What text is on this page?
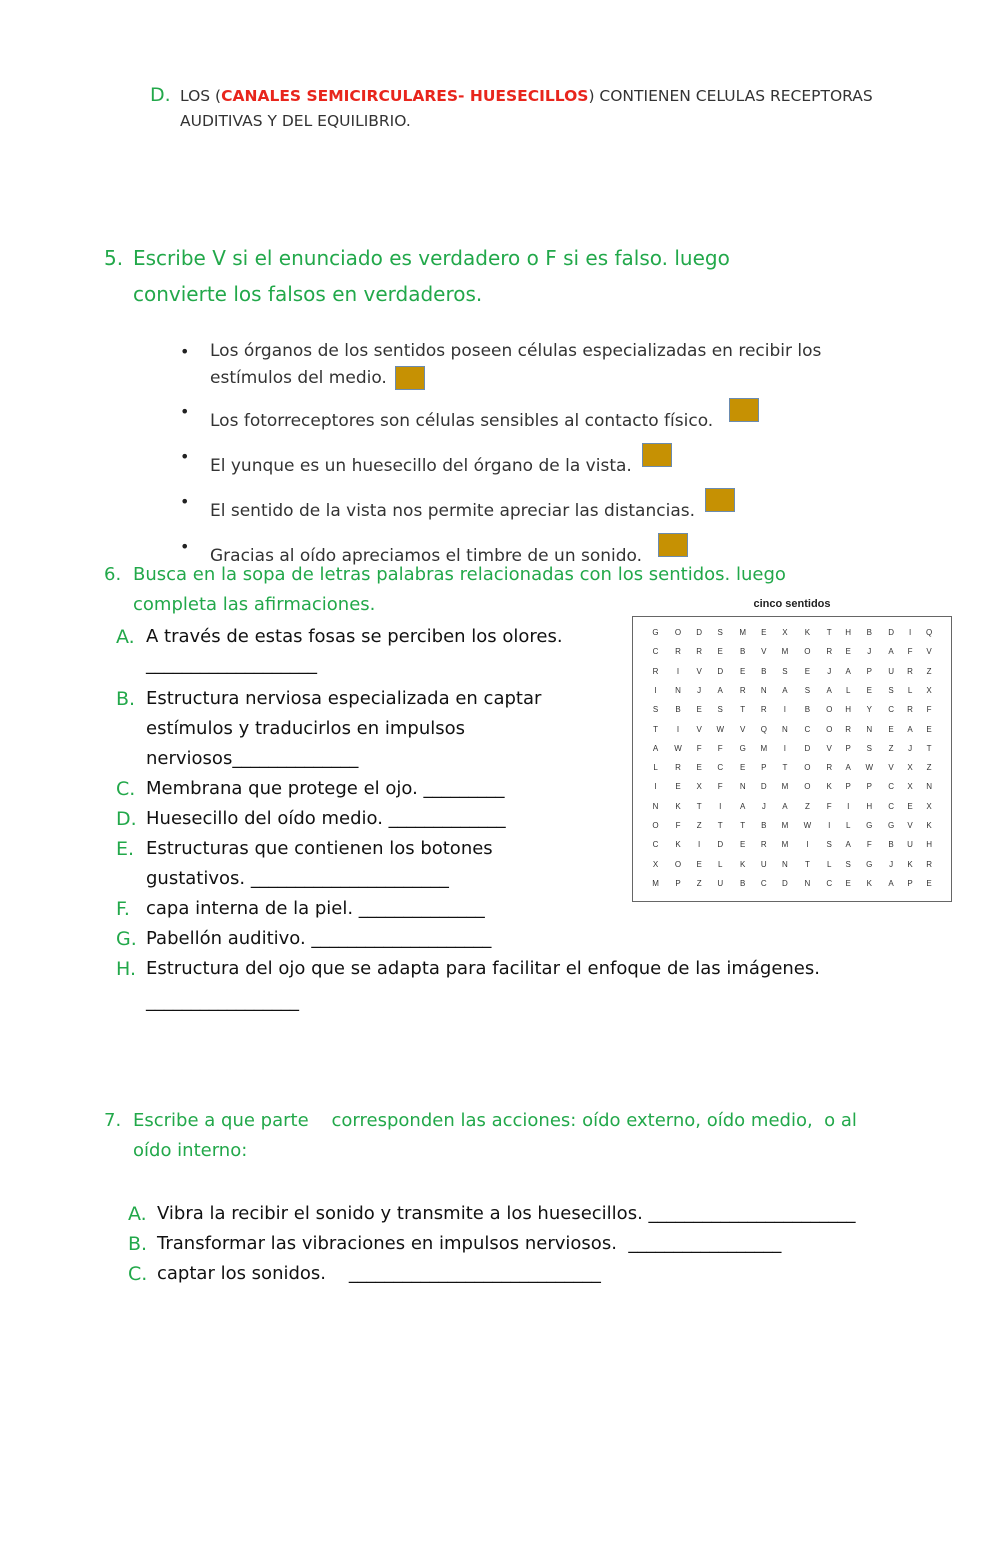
D. LOS (CANALES SEMICIRCULARES- HUESECILLOS) CONTIENEN CELULAS RECEPTORAS
AUDITIVAS Y DEL EQUILIBRIO.
5. Escribe V si el enunciado es verdadero o F si es falso. luego
convierte los falsos en verdaderos.
• Los órganos de los sentidos poseen células especializadas en recibir los
estímulos del medio.
• Los fotorreceptores son células sensibles al contacto físico.
• El yunque es un huesecillo del órgano de la vista.
• El sentido de la vista nos permite apreciar las distancias.
• Gracias al oído apreciamos el timbre de un sonido.
6. Busca en la sopa de letras palabras relacionadas con los sentidos. luego
completa las afirmaciones.
A. A través de estas fosas se perciben los olores.
___________________
B. Estructura nerviosa especializada en captar
estímulos y traducirlos en impulsos
nerviosos______________
C. Membrana que protege el ojo. _________
D. Huesecillo del oído medio. _____________
E. Estructuras que contienen los botones
gustativos. ______________________
F. capa interna de la piel. ______________
G. Pabellón auditivo. ____________________
H. Estructura del ojo que se adapta para facilitar el enfoque de las imágenes.
_________________
cinco sentidos
G	O	D	S	M	E	X	K	T	H	B	D	I	Q
C	R	R	E	B	V	M	O	R	E	J	A	F	V
R	I	V	D	E	B	S	E	J	A	P	U	R	Z
I	N	J	A	R	N	A	S	A	L	E	S	L	X
S	B	E	S	T	R	I	B	O	H	Y	C	R	F
T	I	V	W	V	Q	N	C	O	R	N	E	A	E
A	W	F	F	G	M	I	D	V	P	S	Z	J	T
L	R	E	C	E	P	T	O	R	A	W	V	X	Z
I	E	X	F	N	D	M	O	K	P	P	C	X	N
N	K	T	I	A	J	A	Z	F	I	H	C	E	X
O	F	Z	T	T	B	M	W	I	L	G	G	V	K
C	K	I	D	E	R	M	I	S	A	F	B	U	H
X	O	E	L	K	U	N	T	L	S	G	J	K	R
M	P	Z	U	B	C	D	N	C	E	K	A	P	E
7. Escribe a que parte    corresponden las acciones: oído externo, oído medio,  o al
oído interno:
A. Vibra la recibir el sonido y transmite a los huesecillos. _______________________
B. Transformar las vibraciones en impulsos nerviosos.  _________________
C. captar los sonidos.    ____________________________
